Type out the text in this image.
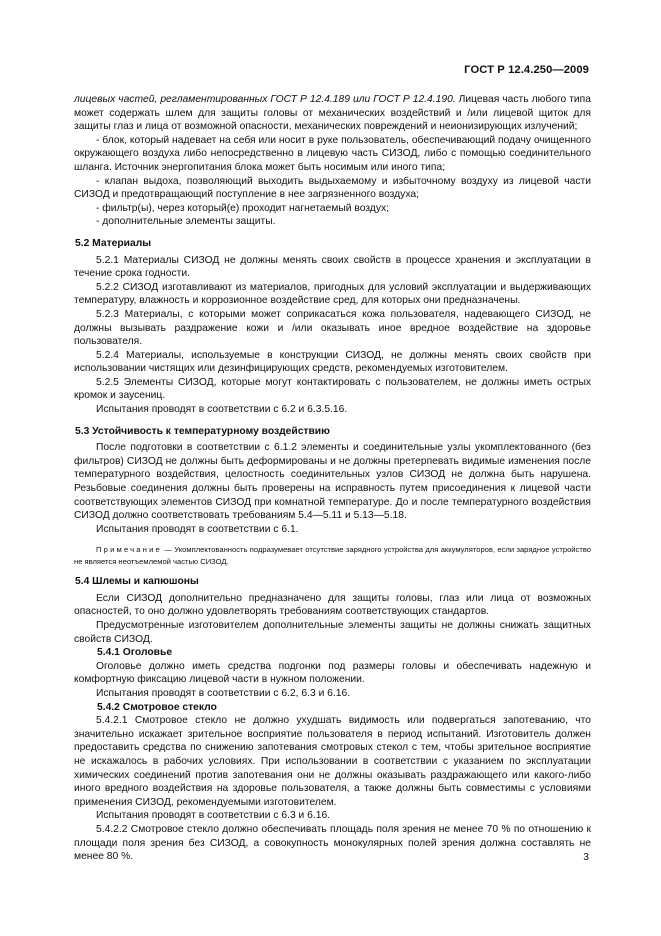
ГОСТ Р 12.4.250—2009

лицевых частей, регламентированных ГОСТ Р 12.4.189 или ГОСТ Р 12.4.190. Лицевая часть любого типа может содержать шлем для защиты головы от механических воздействий и /или лицевой щиток для защиты глаз и лица от возможной опасности, механических повреждений и неионизирующих излучений;

- блок, который надевает на себя или носит в руке пользователь, обеспечивающий подачу очищенного окружающего воздуха либо непосредственно в лицевую часть СИЗОД, либо с помощью соединительного шланга. Источник энергопитания блока может быть носимым или иного типа;

- клапан выдоха, позволяющий выходить выдыхаемому и избыточному воздуху из лицевой части СИЗОД и предотвращающий поступление в нее загрязненного воздуха;

- фильтр(ы), через который(е) проходит нагнетаемый воздух;

- дополнительные элементы защиты.

5.2 Материалы

5.2.1 Материалы СИЗОД не должны менять своих свойств в процессе хранения и эксплуатации в течение срока годности.

5.2.2 СИЗОД изготавливают из материалов, пригодных для условий эксплуатации и выдерживающих температуру, влажность и коррозионное воздействие сред, для которых они предназначены.

5.2.3 Материалы, с которыми может соприкасаться кожа пользователя, надевающего СИЗОД, не должны вызывать раздражение кожи и /или оказывать иное вредное воздействие на здоровье пользователя.

5.2.4 Материалы, используемые в конструкции СИЗОД, не должны менять своих свойств при использовании чистящих или дезинфицирующих средств, рекомендуемых изготовителем.

5.2.5 Элементы СИЗОД, которые могут контактировать с пользователем, не должны иметь острых кромок и заусениц.

Испытания проводят в соответствии с 6.2 и 6.3.5.16.

5.3 Устойчивость к температурному воздействию

После подготовки в соответствии с 6.1.2 элементы и соединительные узлы укомплектованного (без фильтров) СИЗОД не должны быть деформированы и не должны претерпевать видимые изменения после температурного воздействия, целостность соединительных узлов СИЗОД не должна быть нарушена. Резьбовые соединения должны быть проверены на исправность путем присоединения к лицевой части соответствующих элементов СИЗОД при комнатной температуре. До и после температурного воздействия СИЗОД должно соответствовать требованиям 5.4—5.11 и 5.13—5.18.

Испытания проводят в соответствии с 6.1.

Примечание — Укомплектованность подразумевает отсутствие зарядного устройства для аккумуляторов, если зарядное устройство не является неотъемлемой частью СИЗОД.

5.4 Шлемы и капюшоны

Если СИЗОД дополнительно предназначено для защиты головы, глаз или лица от возможных опасностей, то оно должно удовлетворять требованиям соответствующих стандартов.

Предусмотренные изготовителем дополнительные элементы защиты не должны снижать защитных свойств СИЗОД.

5.4.1 Оголовье

Оголовье должно иметь средства подгонки под размеры головы и обеспечивать надежную и комфортную фиксацию лицевой части в нужном положении.

Испытания проводят в соответствии с 6.2, 6.3 и 6.16.

5.4.2 Смотровое стекло

5.4.2.1 Смотровое стекло не должно ухудшать видимость или подвергаться запотеванию, что значительно искажает зрительное восприятие пользователя в период испытаний. Изготовитель должен предоставить средства по снижению запотевания смотровых стекол с тем, чтобы зрительное восприятие не искажалось в рабочих условиях. При использовании в соответствии с указанием по эксплуатации химических соединений против запотевания они не должны оказывать раздражающего или какого-либо иного вредного воздействия на здоровье пользователя, а также должны быть совместимы с условиями применения СИЗОД, рекомендуемыми изготовителем.

Испытания проводят в соответствии с 6.3 и 6.16.

5.4.2.2 Смотровое стекло должно обеспечивать площадь поля зрения не менее 70 % по отношению к площади поля зрения без СИЗОД, а совокупность монокулярных полей зрения должна составлять не менее 80 %.	3
